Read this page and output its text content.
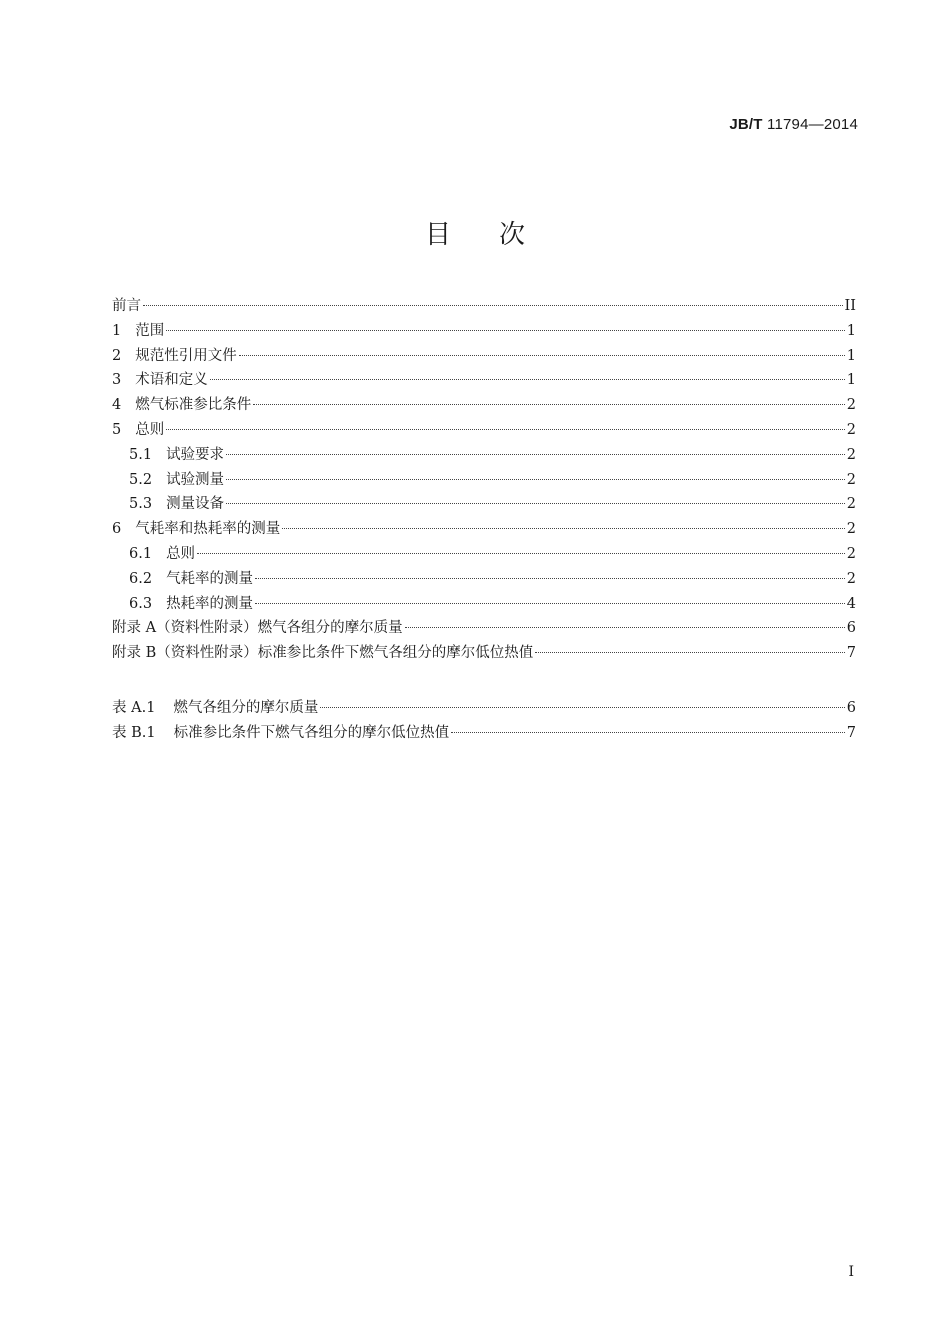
JB/T 11794—2014
目次
前言	II
1 范围	1
2 规范性引用文件	1
3 术语和定义	1
4 燃气标准参比条件	2
5 总则	2
5.1 试验要求	2
5.2 试验测量	2
5.3 测量设备	2
6 气耗率和热耗率的测量	2
6.1 总则	2
6.2 气耗率的测量	2
6.3 热耗率的测量	4
附录 A（资料性附录）燃气各组分的摩尔质量	6
附录 B（资料性附录）标准参比条件下燃气各组分的摩尔低位热值	7
表 A.1 燃气各组分的摩尔质量	6
表 B.1 标准参比条件下燃气各组分的摩尔低位热值	7
I
